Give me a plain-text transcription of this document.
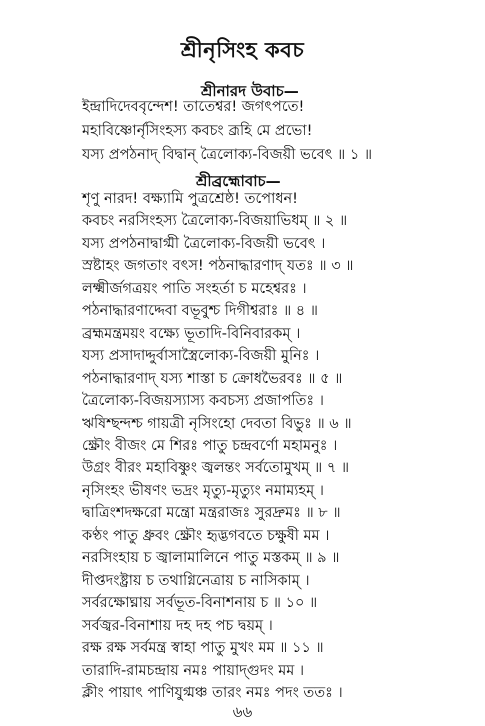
শ্রীনৃসিংহ কবচ
শ্রীনারদ উবাচ—
শ্রীব্রহ্মোবাচ—
ইন্দ্রাদিদেববৃন্দেশ! তাতেশ্বর! জগৎপতে!
মহাবিষ্ণোর্নৃসিংহস্য কবচং ব্রূহি মে প্রভো!
যস্য প্রপঠনাদ্ বিদ্বান্ ত্রৈলোক্য-বিজয়ী ভবেৎ ॥ ১ ॥
শৃণু নারদ! বক্ষ্যামি পুত্রশ্রেষ্ঠ! তপোধন!
কবচং নরসিংহস্য ত্রৈলোক্য-বিজয়াভিধম্ ॥ ২ ॥
যস্য প্রপঠনাদ্বাগ্মী ত্রৈলোক্য-বিজয়ী ভবেৎ ।
স্রষ্টাহং জগতাং বৎস! পঠনাদ্ধারণাদ্ যতঃ ॥ ৩ ॥
লক্ষ্মীর্জগত্রয়ং পাতি সংহর্তা চ মহেশ্বরঃ ।
পঠনাদ্ধারণাদ্দেবা বভূবুশ্চ দিগীশ্বরাঃ ॥ ৪ ॥
ব্রহ্মমন্ত্রময়ং বক্ষ্যে ভূতাদি-বিনিবারকম্ ।
যস্য প্রসাদাদ্দুর্বাসাস্ত্রৈলোক্য-বিজয়ী মুনিঃ ।
পঠনাদ্ধারণাদ্ যস্য শাস্তা চ ক্রোধভৈরবঃ ॥ ৫ ॥
ত্রৈলোক্য-বিজয়স্যাস্য কবচস্য প্রজাপতিঃ ।
ঋষিশ্ছন্দশ্চ গায়ত্রী নৃসিংহো দেবতা বিভুঃ ॥ ৬ ॥
ক্ষ্রৌং বীজং মে শিরঃ পাতু চন্দ্রবর্ণো মহামনুঃ ।
উগ্রং বীরং মহাবিষ্ণুং জ্বলন্তং সর্বতোমুখম্ ॥ ৭ ॥
নৃসিংহং ভীষণং ভদ্রং মৃত্যু-মৃত্যুং নমাম্যহম্ ।
দ্বাত্রিংশদক্ষরো মন্ত্রো মন্ত্ররাজঃ সুরদ্রুমঃ ॥ ৮ ॥
কণ্ঠং পাতু ধ্রুবং ক্ষ্রৌং হৃদ্ভগবতে চক্ষুষী মম ।
নরসিংহায় চ জ্বালামালিনে পাতু মস্তকম্ ॥ ৯ ॥
দীপ্তদংষ্ট্রায় চ তথাগ্নিনেত্রায় চ নাসিকাম্ ।
সর্বরক্ষোঘ্নায় সর্বভূত-বিনাশনায় চ ॥ ১০ ॥
সর্বজ্বর-বিনাশায় দহ দহ পচ দ্বয়ম্ ।
রক্ষ রক্ষ সর্বমন্ত্র স্বাহা পাতু মুখং মম ॥ ১১ ॥
তারাদি-রামচন্দ্রায় নমঃ পায়াদ্গুদং মম ।
ক্লীং পায়াৎ পাণিযুগ্মঞ্চ তারং নমঃ পদং ততঃ ।
৬৬
